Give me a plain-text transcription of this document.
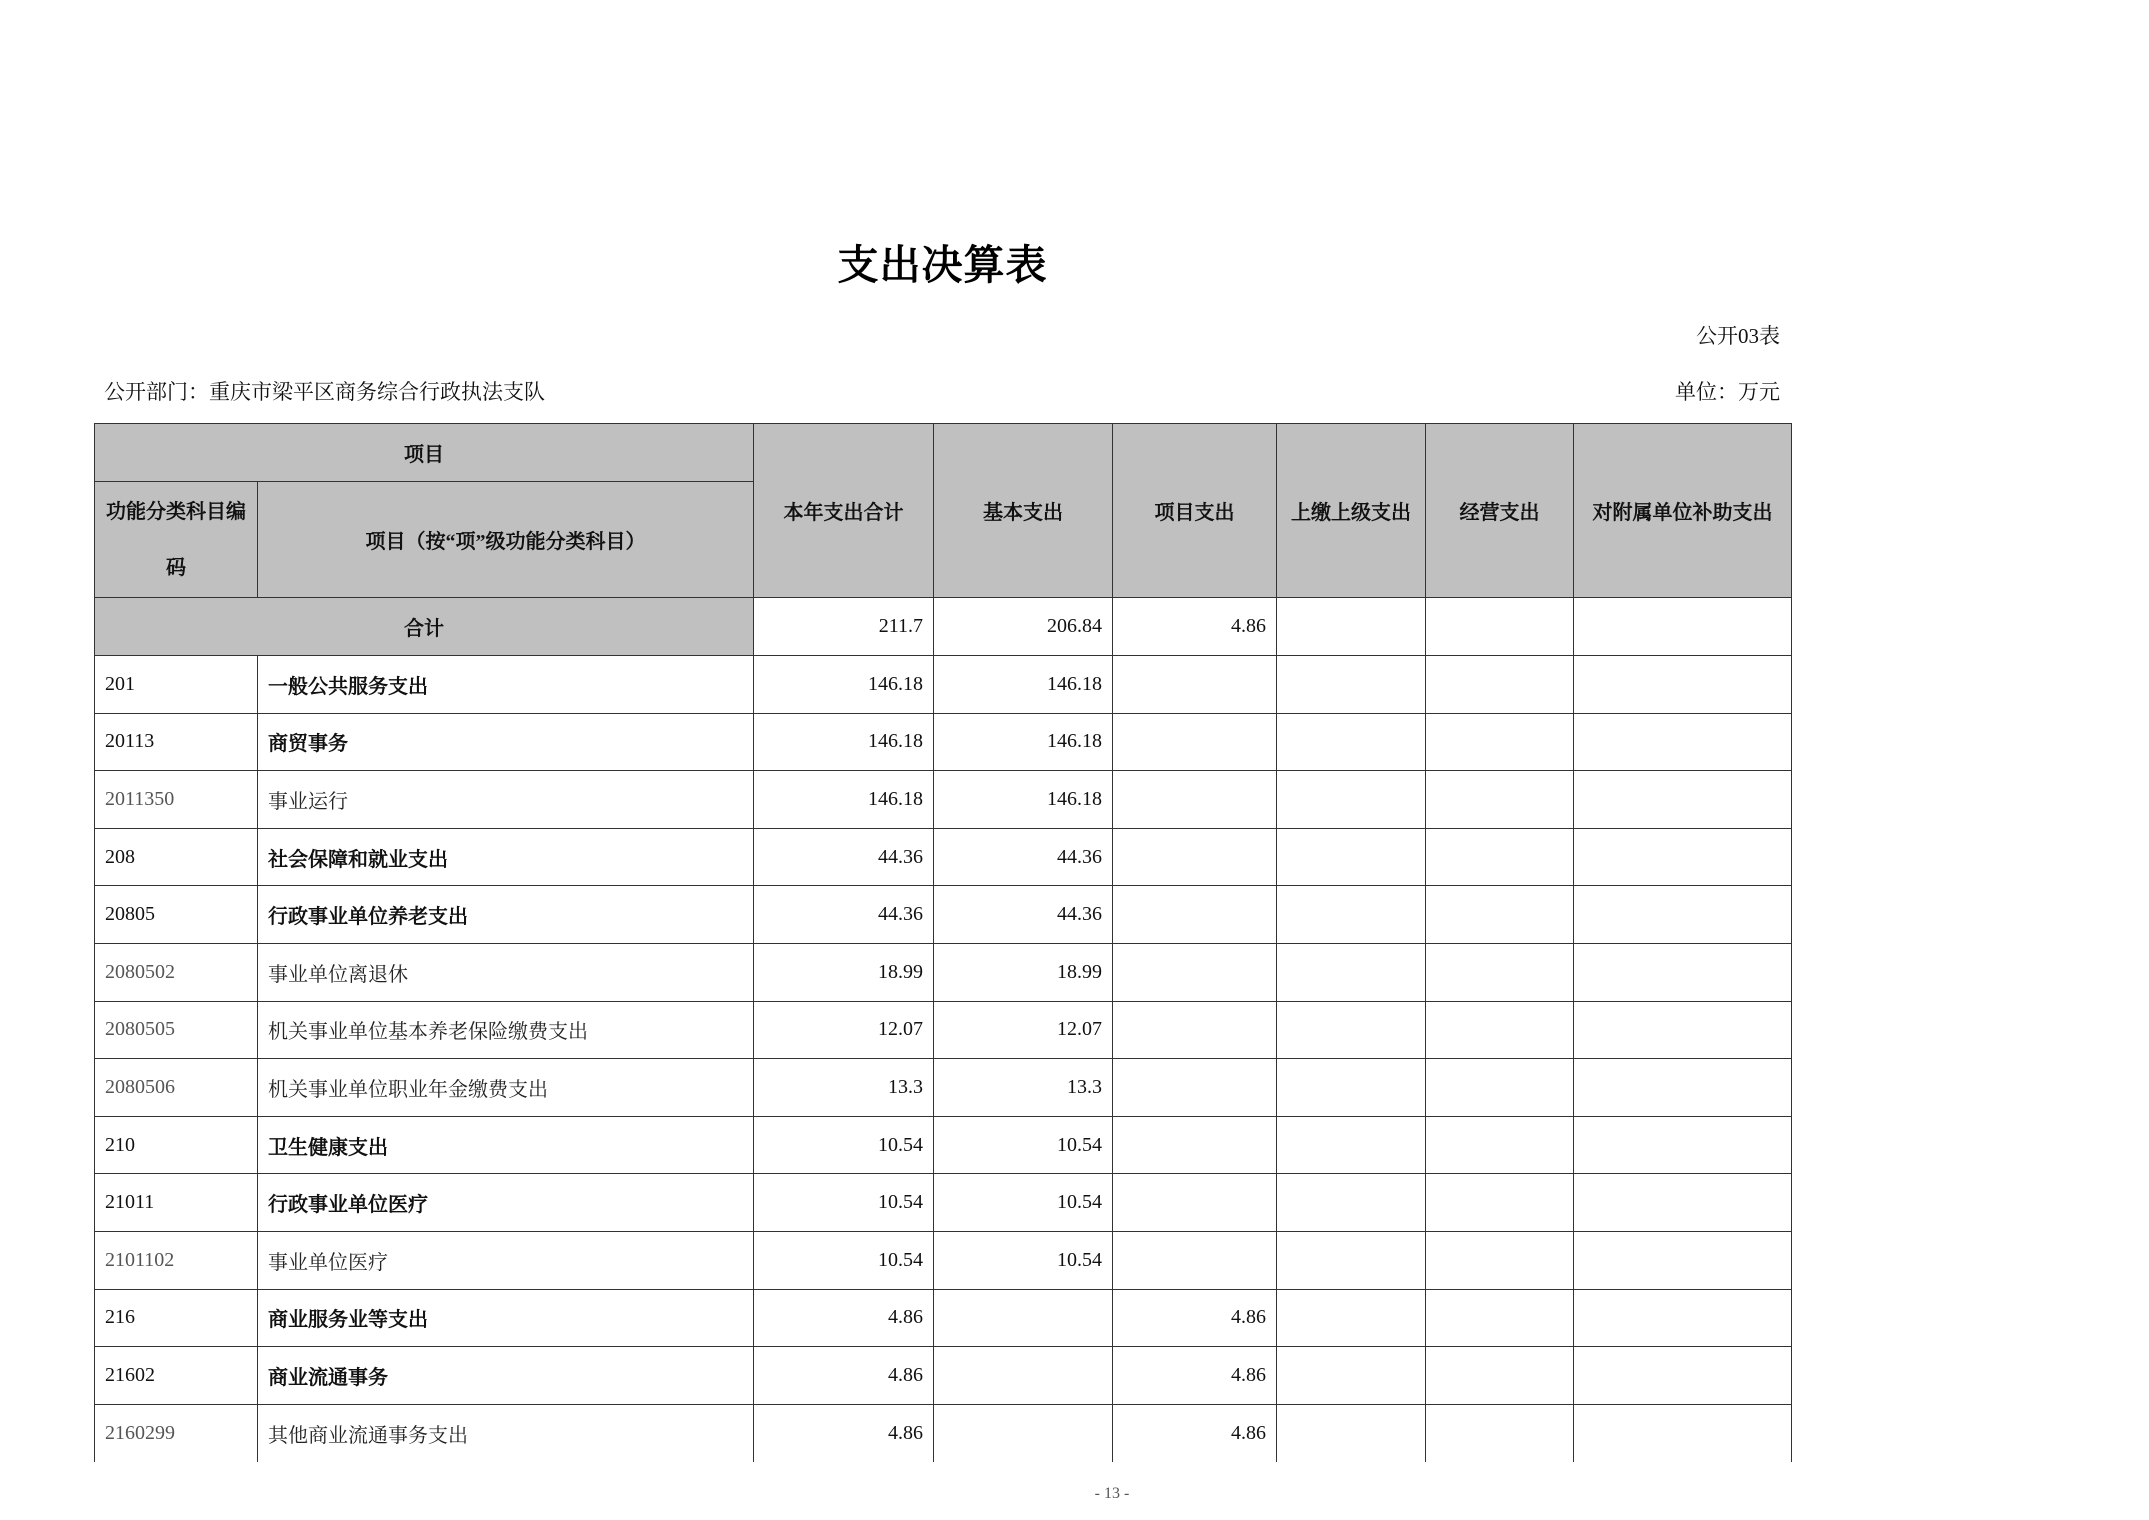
支出决算表
公开03表
公开部门：重庆市梁平区商务综合行政执法支队	单位：万元
项目		本年支出合计	基本支出	项目支出	上缴上级支出	经营支出	对附属单位补助支出
功能分类科目编码	项目（按“项”级功能分类科目）						
合计		211.7	206.84	4.86			
201	一般公共服务支出	146.18	146.18				
20113	商贸事务	146.18	146.18				
2011350	事业运行	146.18	146.18				
208	社会保障和就业支出	44.36	44.36				
20805	行政事业单位养老支出	44.36	44.36				
2080502	事业单位离退休	18.99	18.99				
2080505	机关事业单位基本养老保险缴费支出	12.07	12.07				
2080506	机关事业单位职业年金缴费支出	13.3	13.3				
210	卫生健康支出	10.54	10.54				
21011	行政事业单位医疗	10.54	10.54				
2101102	事业单位医疗	10.54	10.54				
216	商业服务业等支出	4.86		4.86			
21602	商业流通事务	4.86		4.86			
2160299	其他商业流通事务支出	4.86		4.86			
- 13 -
